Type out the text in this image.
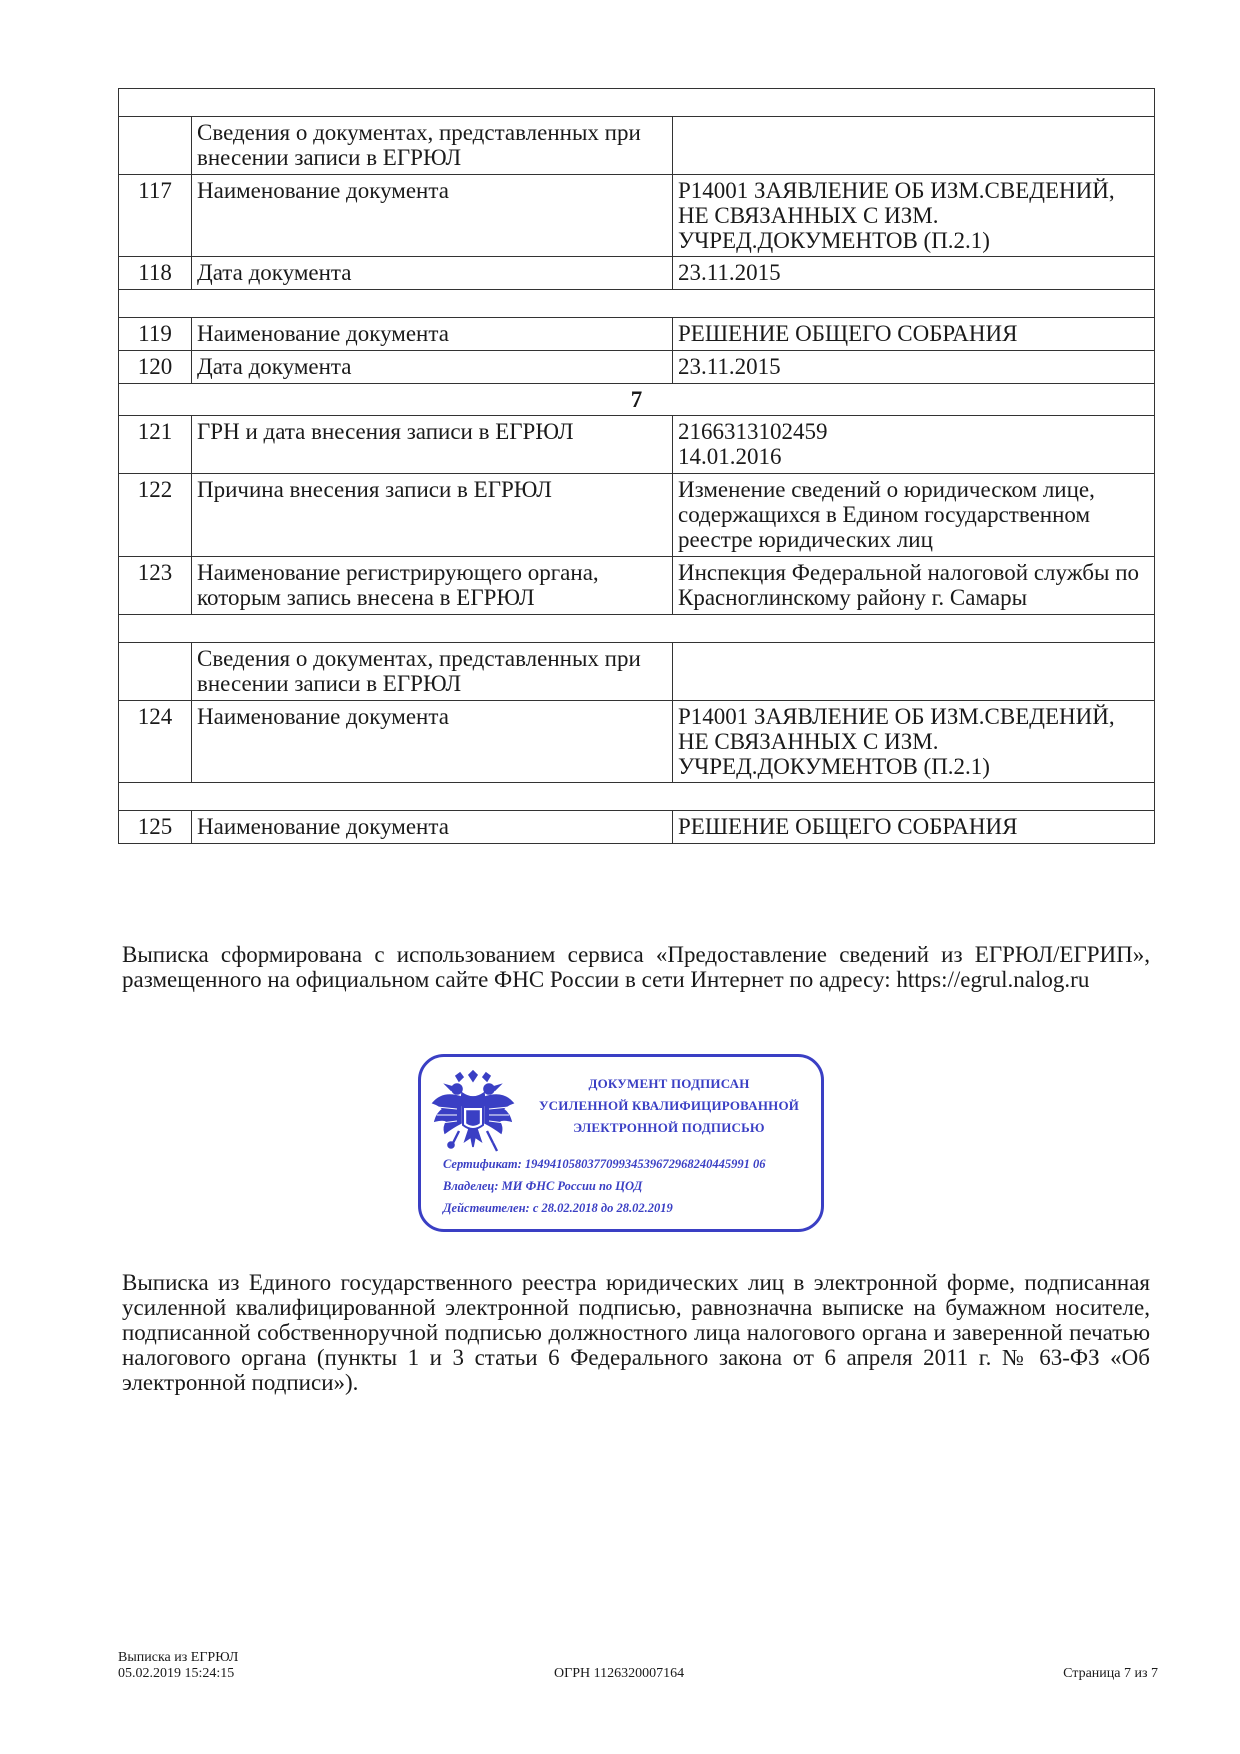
	Сведения о документах, представленных при внесении записи в ЕГРЮЛ	
117	Наименование документа	Р14001 ЗАЯВЛЕНИЕ ОБ ИЗМ.СВЕДЕНИЙ, НЕ СВЯЗАННЫХ С ИЗМ. УЧРЕД.ДОКУМЕНТОВ (П.2.1)
118	Дата документа	23.11.2015

119	Наименование документа	РЕШЕНИЕ ОБЩЕГО СОБРАНИЯ
120	Дата документа	23.11.2015
7		
121	ГРН и дата внесения записи в ЕГРЮЛ	2166313102459
14.01.2016

122	Причина внесения записи в ЕГРЮЛ	Изменение сведений о юридическом лице, содержащихся в Едином государственном реестре юридических лиц
123	Наименование регистрирующего органа, которым запись внесена в ЕГРЮЛ	Инспекция Федеральной налоговой службы по Красноглинскому району г. Самары

	Сведения о документах, представленных при внесении записи в ЕГРЮЛ	
124	Наименование документа	Р14001 ЗАЯВЛЕНИЕ ОБ ИЗМ.СВЕДЕНИЙ, НЕ СВЯЗАННЫХ С ИЗМ. УЧРЕД.ДОКУМЕНТОВ (П.2.1)

125	Наименование документа	РЕШЕНИЕ ОБЩЕГО СОБРАНИЯ

Выписка сформирована с использованием сервиса «Предоставление сведений из ЕГРЮЛ/ЕГРИП», размещенного на официальном сайте ФНС России в сети Интернет по адресу: https://egrul.nalog.ru

ДОКУМЕНТ ПОДПИСАН
УСИЛЕННОЙ КВАЛИФИЦИРОВАННОЙ
ЭЛЕКТРОННОЙ ПОДПИСЬЮ
Сертификат: 194941058037709934539672968240445991 06
Владелец: МИ ФНС России по ЦОД
Действителен: с 28.02.2018 до 28.02.2019

Выписка из Единого государственного реестра юридических лиц в электронной форме, подписанная усиленной квалифицированной электронной подписью, равнозначна выписке на бумажном носителе, подписанной собственноручной подписью должностного лица налогового органа и заверенной печатью налогового органа (пункты 1 и 3 статьи 6 Федерального закона от 6 апреля 2011 г. № 63-ФЗ «Об электронной подписи»).

Выписка из ЕГРЮЛ
05.02.2019 15:24:15	ОГРН 1126320007164	Страница 7 из 7
